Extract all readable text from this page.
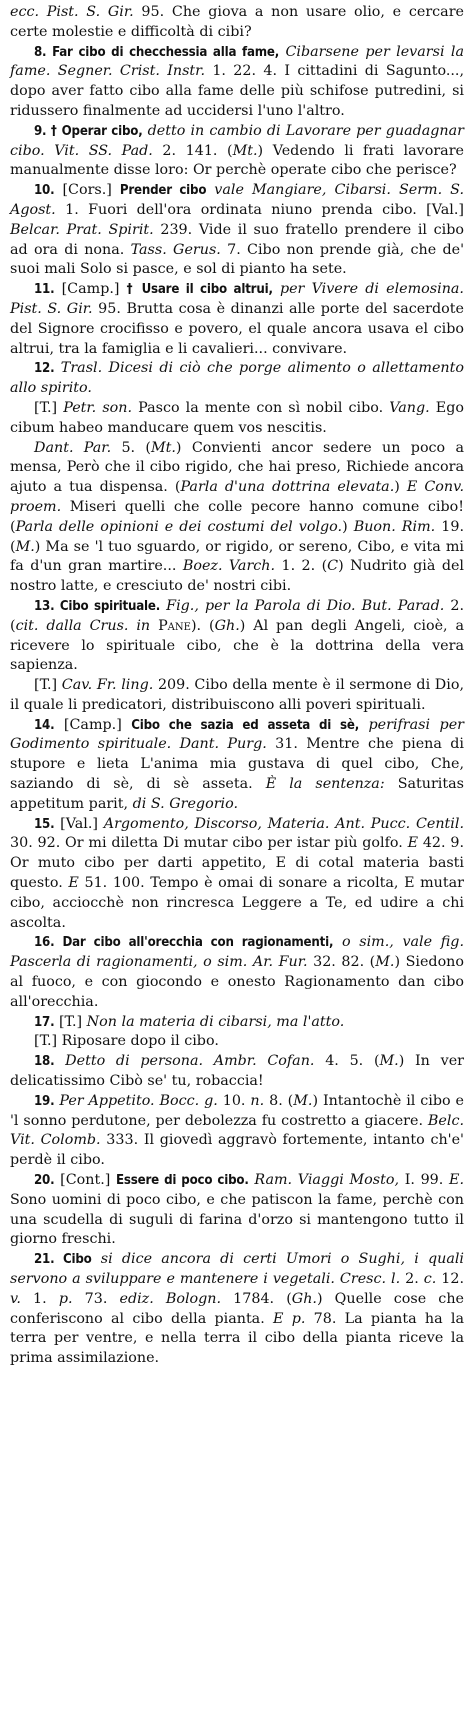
ecc. Pist. S. Gir. 95. Che giova a non usare olio, e cercare certe molestie e difficoltà di cibi?

8. Far cibo di checchessia alla fame, Cibarsene per levarsi la fame. Segner. Crist. Instr. 1. 22. 4. I cittadini di Sagunto..., dopo aver fatto cibo alla fame delle più schifose putredini, si ridussero finalmente ad uccidersi l'uno l'altro.

9. † Operar cibo, detto in cambio di Lavorare per guadagnar cibo. Vit. SS. Pad. 2. 141. (Mt.) Vedendo li frati lavorare manualmente disse loro: Or perchè operate cibo che perisce?

10. [Cors.] Prender cibo vale Mangiare, Cibarsi. Serm. S. Agost. 1. Fuori dell'ora ordinata niuno prenda cibo. [Val.] Belcar. Prat. Spirit. 239. Vide il suo fratello prendere il cibo ad ora di nona. Tass. Gerus. 7. Cibo non prende già, che de' suoi mali Solo si pasce, e sol di pianto ha sete.

11. [Camp.] † Usare il cibo altrui, per Vivere di elemosina. Pist. S. Gir. 95. Brutta cosa è dinanzi alle porte del sacerdote del Signore crocifisso e povero, el quale ancora usava el cibo altrui, tra la famiglia e li cavalieri... convivare.

12. Trasl. Dicesi di ciò che porge alimento o allettamento allo spirito.

[T.] Petr. son. Pasco la mente con sì nobil cibo. Vang. Ego cibum habeo manducare quem vos nescitis.

Dant. Par. 5. (Mt.) Convienti ancor sedere un poco a mensa, Però che il cibo rigido, che hai preso, Richiede ancora ajuto a tua dispensa. (Parla d'una dottrina elevata.) E Conv. proem. Miseri quelli che colle pecore hanno comune cibo! (Parla delle opinioni e dei costumi del volgo.) Buon. Rim. 19. (M.) Ma se 'l tuo sguardo, or rigido, or sereno, Cibo, e vita mi fa d'un gran martire... Boez. Varch. 1. 2. (C) Nudrito già del nostro latte, e cresciuto de' nostri cibi.

13. Cibo spirituale. Fig., per la Parola di Dio. But. Parad. 2. (cit. dalla Crus. in Pane). (Gh.) Al pan degli Angeli, cioè, a ricevere lo spirituale cibo, che è la dottrina della vera sapienza.

[T.] Cav. Fr. ling. 209. Cibo della mente è il sermone di Dio, il quale li predicatori, distribuiscono alli poveri spirituali.

14. [Camp.] Cibo che sazia ed asseta di sè, perifrasi per Godimento spirituale. Dant. Purg. 31. Mentre che piena di stupore e lieta L'anima mia gustava di quel cibo, Che, saziando di sè, di sè asseta. È la sentenza: Saturitas appetitum parit, di S. Gregorio.

15. [Val.] Argomento, Discorso, Materia. Ant. Pucc. Centil. 30. 92. Or mi diletta Di mutar cibo per istar più golfo. E 42. 9. Or muto cibo per darti appetito, E di cotal materia basti questo. E 51. 100. Tempo è omai di sonare a ricolta, E mutar cibo, acciocchè non rincresca Leggere a Te, ed udire a chi ascolta.

16. Dar cibo all'orecchia con ragionamenti, o sim., vale fig. Pascerla di ragionamenti, o sim. Ar. Fur. 32. 82. (M.) Siedono al fuoco, e con giocondo e onesto Ragionamento dan cibo all'orecchia.

17. [T.] Non la materia di cibarsi, ma l'atto.

[T.] Riposare dopo il cibo.

18. Detto di persona. Ambr. Cofan. 4. 5. (M.) In ver delicatissimo Cibò se' tu, robaccia!

19. Per Appetito. Bocc. g. 10. n. 8. (M.) Intantochè il cibo e 'l sonno perdutone, per debolezza fu costretto a giacere. Belc. Vit. Colomb. 333. Il giovedì aggravò fortemente, intanto ch'e' perdè il cibo.

20. [Cont.] Essere di poco cibo. Ram. Viaggi Mosto, I. 99. E. Sono uomini di poco cibo, e che patiscon la fame, perchè con una scudella di suguli di farina d'orzo si mantengono tutto il giorno freschi.

21. Cibo si dice ancora di certi Umori o Sughi, i quali servono a sviluppare e mantenere i vegetali. Cresc. l. 2. c. 12. v. 1. p. 73. ediz. Bologn. 1784. (Gh.) Quelle cose che conferiscono al cibo della pianta. E p. 78. La pianta ha la terra per ventre, e nella terra il cibo della pianta riceve la prima assimilazione.
